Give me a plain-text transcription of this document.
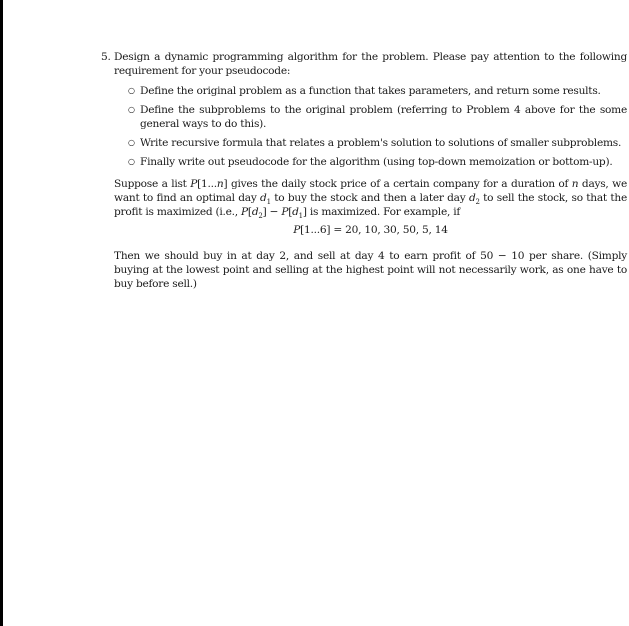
5. Design a dynamic programming algorithm for the problem. Please pay attention to the following requirement for your pseudocode:
○ Define the original problem as a function that takes parameters, and return some results.
○ Define the subproblems to the original problem (referring to Problem 4 above for the some general ways to do this).
○ Write recursive formula that relates a problem's solution to solutions of smaller subproblems.
○ Finally write out pseudocode for the algorithm (using top-down memoization or bottom-up).
Suppose a list P[1...n] gives the daily stock price of a certain company for a duration of n days, we want to find an optimal day $d_1$ to buy the stock and then a later day $d_2$ to sell the stock, so that the profit is maximized (i.e., $P[d_2] - P[d_1]$ is maximized. For example, if
P[1...6] = 20, 10, 30, 50, 5, 14
Then we should buy in at day 2, and sell at day 4 to earn profit of 50 − 10 per share. (Simply buying at the lowest point and selling at the highest point will not necessarily work, as one have to buy before sell.)
